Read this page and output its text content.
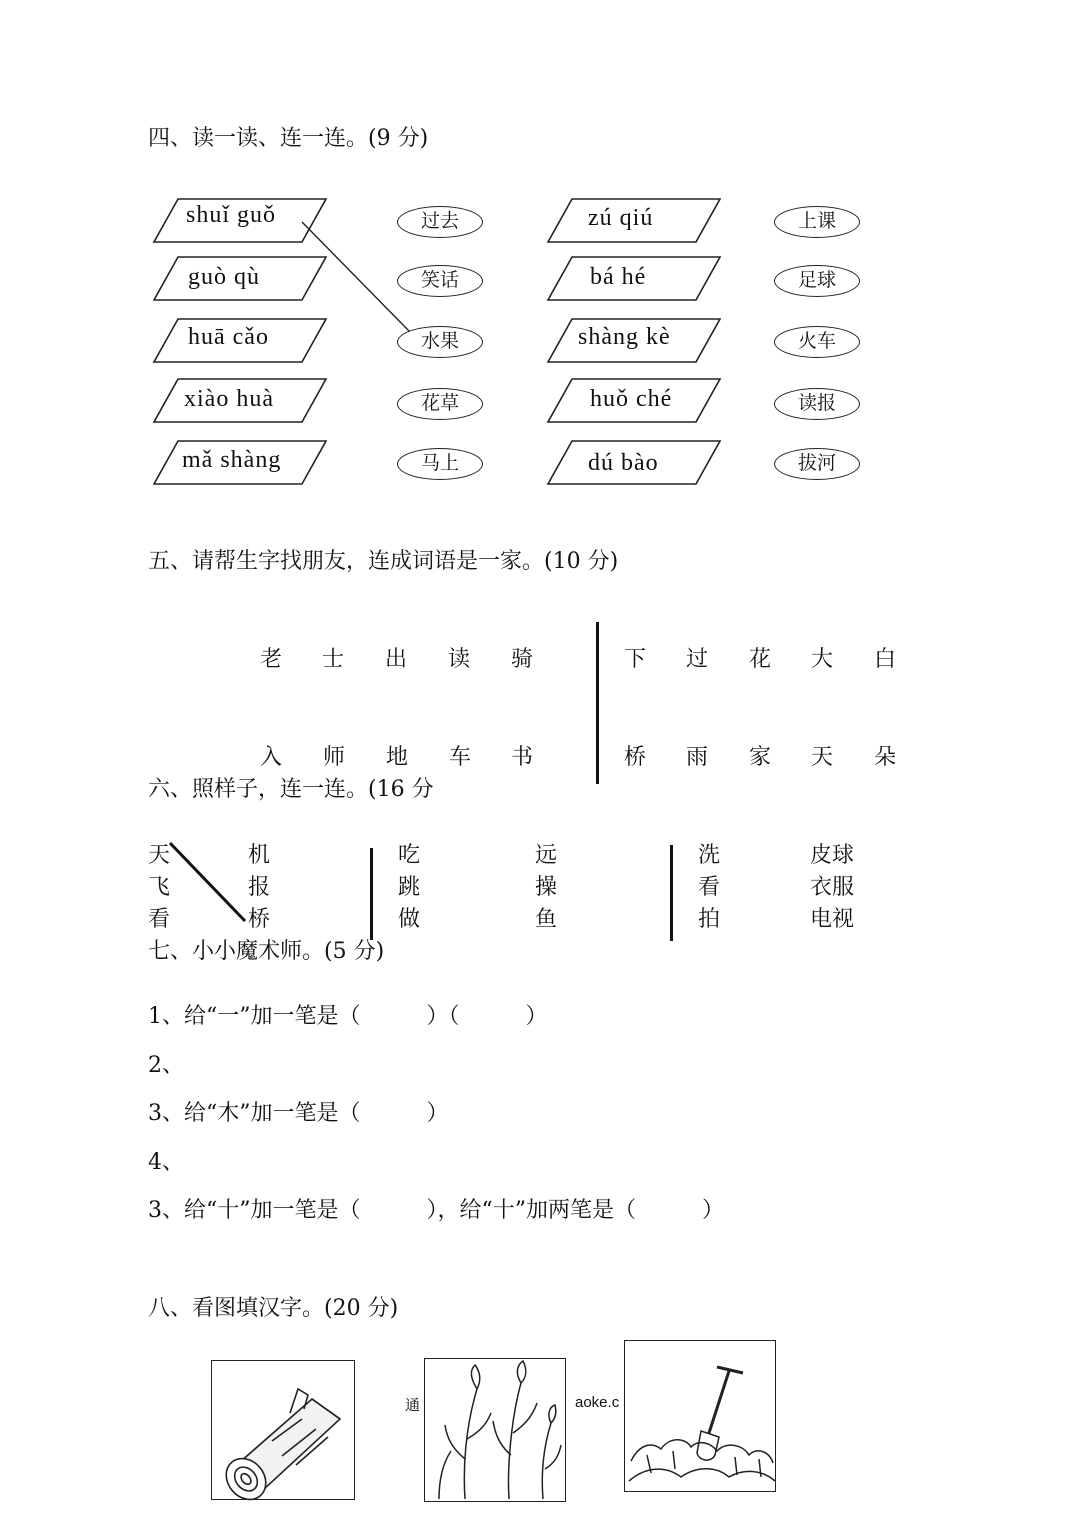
四、读一读、连一连。(9 分)
shuǐ guǒ
guò qù
huā cǎo
xiào huà
mǎ shàng
过去
笑话
水果
花草
马上
zú qiú
bá hé
shàng kè
huǒ ché
dú bào
上课
足球
火车
读报
拔河
五、请帮生字找朋友，连成词语是一家。(10 分)
老 士 出 读 骑
入 师 地 车 书
下 过 花 大 白
桥 雨 家 天 朵
六、照样子，连一连。(16 分
天
飞
看
机
报
桥
吃
跳
做
远
操
鱼
洗
看
拍
皮球
衣服
电视
七、小小魔术师。(5 分)
1、给“一”加一笔是（　　　）（　　　）
2、
3、给“木”加一笔是（　　　）
4、
3、给“十”加一笔是（　　　），给“十”加两笔是（　　　）
八、看图填汉字。(20 分)
通	aoke.c
